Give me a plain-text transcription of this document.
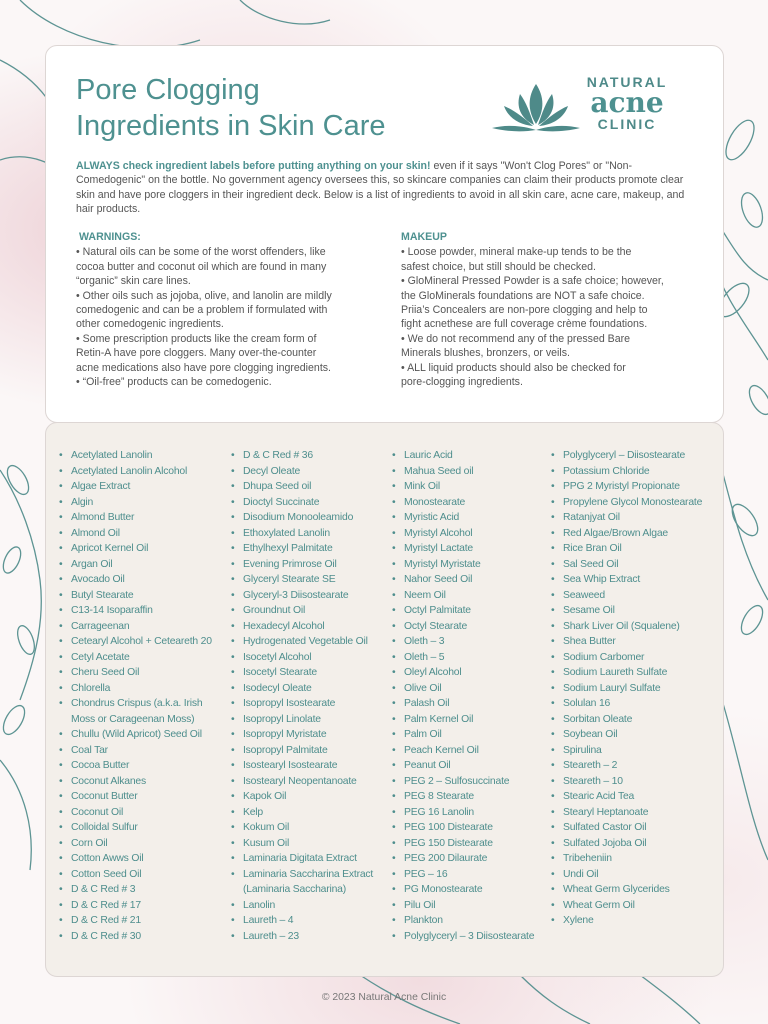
Pore Clogging
Ingredients in Skin Care
NATURAL
acne
CLINIC

ALWAYS check ingredient labels before putting anything on your skin! even if it says "Won't Clog Pores" or "Non-Comedogenic" on the bottle. No government agency oversees this, so skincare companies can claim their products promote clear skin and have pore cloggers in their ingredient deck. Below is a list of ingredients to avoid in all skin care, acne care, makeup, and hair products.

WARNINGS:

• Natural oils can be some of the worst offenders, like

cocoa butter and coconut oil which are found in many

“organic” skin care lines.

• Other oils such as jojoba, olive, and lanolin are mildly

comedogenic and can be a problem if formulated with

other comedogenic ingredients.

• Some prescription products like the cream form of

Retin-A have pore cloggers. Many over-the-counter

acne medications also have pore clogging ingredients.

• “Oil-free” products can be comedogenic.

MAKEUP

• Loose powder, mineral make-up tends to be the

safest choice, but still should be checked.

• GloMineral Pressed Powder is a safe choice; however,

the GloMinerals foundations are NOT a safe choice.

Priia’s Concealers are non-pore clogging and help to

fight acnethese are full coverage crème foundations.

• We do not recommend any of the pressed Bare

Minerals blushes, bronzers, or veils.

• ALL liquid products should also be checked for

pore-clogging ingredients.

• Acetylated Lanolin
• Acetylated Lanolin Alcohol
• Algae Extract
• Algin
• Almond Butter
• Almond Oil
• Apricot Kernel Oil
• Argan Oil
• Avocado Oil
• Butyl Stearate
• C13-14 Isoparaffin
• Carrageenan
• Cetearyl Alcohol + Ceteareth 20
• Cetyl Acetate
• Cheru Seed Oil
• Chlorella
• Chondrus Crispus (a.k.a. Irish
Moss or Carageenan Moss)
• Chullu (Wild Apricot) Seed Oil
• Coal Tar
• Cocoa Butter
• Coconut Alkanes
• Coconut Butter
• Coconut Oil
• Colloidal Sulfur
• Corn Oil
• Cotton Awws Oil
• Cotton Seed Oil
• D & C Red # 3
• D & C Red # 17
• D & C Red # 21
• D & C Red # 30
• D & C Red # 36
• Decyl Oleate
• Dhupa Seed oil
• Dioctyl Succinate
• Disodium Monooleamido
• Ethoxylated Lanolin
• Ethylhexyl Palmitate
• Evening Primrose Oil
• Glyceryl Stearate SE
• Glyceryl-3 Diisostearate
• Groundnut Oil
• Hexadecyl Alcohol
• Hydrogenated Vegetable Oil
• Isocetyl Alcohol
• Isocetyl Stearate
• Isodecyl Oleate
• Isopropyl Isostearate
• Isopropyl Linolate
• Isopropyl Myristate
• Isopropyl Palmitate
• Isostearyl Isostearate
• Isostearyl Neopentanoate
• Kapok Oil
• Kelp
• Kokum Oil
• Kusum Oil
• Laminaria Digitata Extract
• Laminaria Saccharina Extract
(Laminaria Saccharina)
• Lanolin
• Laureth – 4
• Laureth – 23
• Lauric Acid
• Mahua Seed oil
• Mink Oil
• Monostearate
• Myristic Acid
• Myristyl Alcohol
• Myristyl Lactate
• Myristyl Myristate
• Nahor Seed Oil
• Neem Oil
• Octyl Palmitate
• Octyl Stearate
• Oleth – 3
• Oleth – 5
• Oleyl Alcohol
• Olive Oil
• Palash Oil
• Palm Kernel Oil
• Palm Oil
• Peach Kernel Oil
• Peanut Oil
• PEG 2 – Sulfosuccinate
• PEG 8 Stearate
• PEG 16 Lanolin
• PEG 100 Distearate
• PEG 150 Distearate
• PEG 200 Dilaurate
• PEG – 16
• PG Monostearate
• Pilu Oil
• Plankton
• Polyglyceryl – 3 Diisostearate
• Polyglyceryl – Diisostearate
• Potassium Chloride
• PPG 2 Myristyl Propionate
• Propylene Glycol Monostearate
• Ratanjyat Oil
• Red Algae/Brown Algae
• Rice Bran Oil
• Sal Seed Oil
• Sea Whip Extract
• Seaweed
• Sesame Oil
• Shark Liver Oil (Squalene)
• Shea Butter
• Sodium Carbomer
• Sodium Laureth Sulfate
• Sodium Lauryl Sulfate
• Solulan 16
• Sorbitan Oleate
• Soybean Oil
• Spirulina
• Steareth – 2
• Steareth – 10
• Stearic Acid Tea
• Stearyl Heptanoate
• Sulfated Castor Oil
• Sulfated Jojoba Oil
• Tribeheniin
• Undi Oil
• Wheat Germ Glycerides
• Wheat Germ Oil
• Xylene
© 2023 Natural Acne Clinic
